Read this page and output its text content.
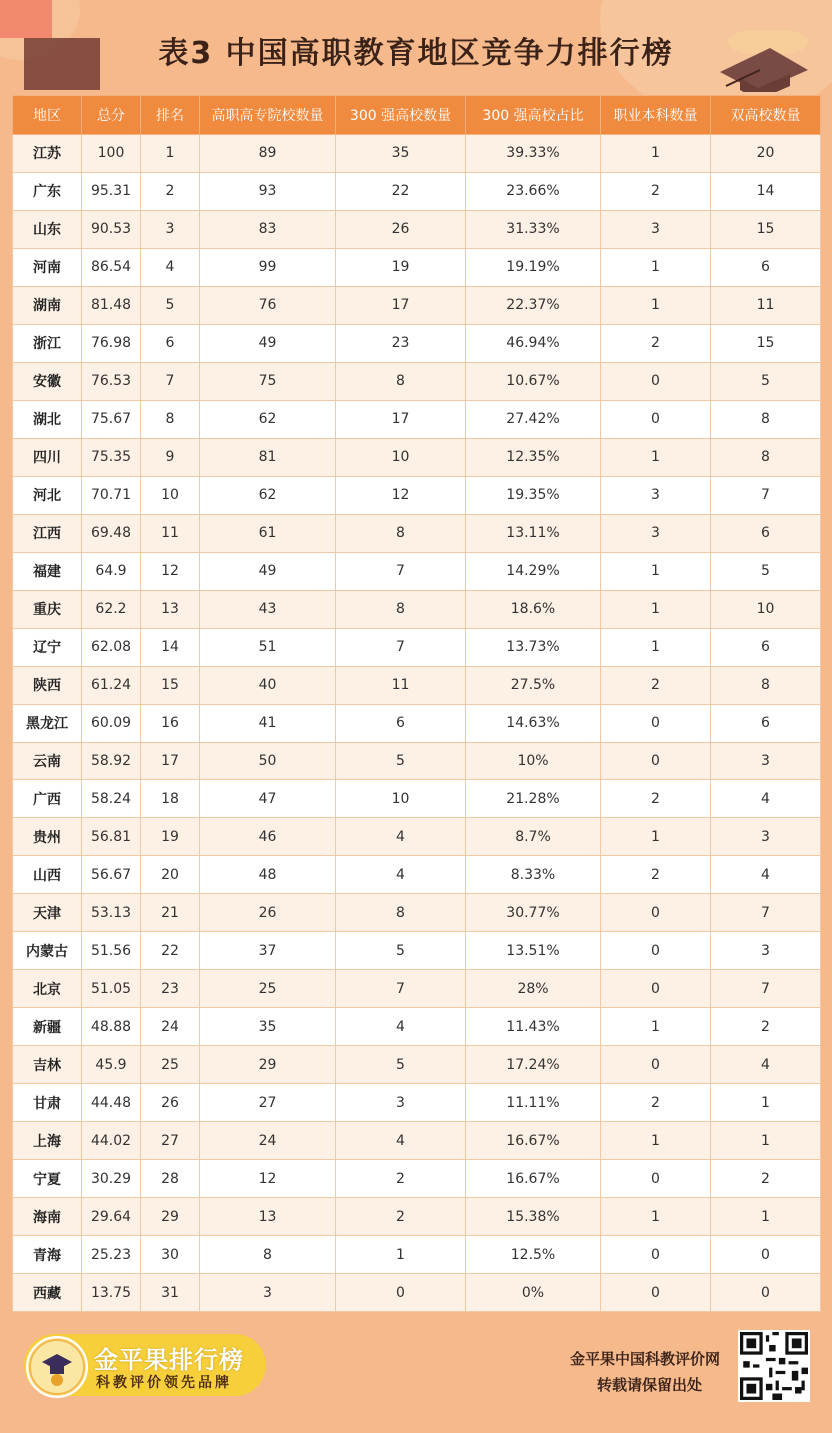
表3 中国高职教育地区竞争力排行榜
地区	总分	排名	高职高专院校数量	300 强高校数量	300 强高校占比	职业本科数量	双高校数量
江苏	100	1	89	35	39.33%	1	20
广东	95.31	2	93	22	23.66%	2	14
山东	90.53	3	83	26	31.33%	3	15
河南	86.54	4	99	19	19.19%	1	6
湖南	81.48	5	76	17	22.37%	1	11
浙江	76.98	6	49	23	46.94%	2	15
安徽	76.53	7	75	8	10.67%	0	5
湖北	75.67	8	62	17	27.42%	0	8
四川	75.35	9	81	10	12.35%	1	8
河北	70.71	10	62	12	19.35%	3	7
江西	69.48	11	61	8	13.11%	3	6
福建	64.9	12	49	7	14.29%	1	5
重庆	62.2	13	43	8	18.6%	1	10
辽宁	62.08	14	51	7	13.73%	1	6
陕西	61.24	15	40	11	27.5%	2	8
黑龙江	60.09	16	41	6	14.63%	0	6
云南	58.92	17	50	5	10%	0	3
广西	58.24	18	47	10	21.28%	2	4
贵州	56.81	19	46	4	8.7%	1	3
山西	56.67	20	48	4	8.33%	2	4
天津	53.13	21	26	8	30.77%	0	7
内蒙古	51.56	22	37	5	13.51%	0	3
北京	51.05	23	25	7	28%	0	7
新疆	48.88	24	35	4	11.43%	1	2
吉林	45.9	25	29	5	17.24%	0	4
甘肃	44.48	26	27	3	11.11%	2	1
上海	44.02	27	24	4	16.67%	1	1
宁夏	30.29	28	12	2	16.67%	0	2
海南	29.64	29	13	2	15.38%	1	1
青海	25.23	30	8	1	12.5%	0	0
西藏	13.75	31	3	0	0%	0	0
金平果排行榜
科教评价领先品牌
金平果中国科教评价网
转载请保留出处
